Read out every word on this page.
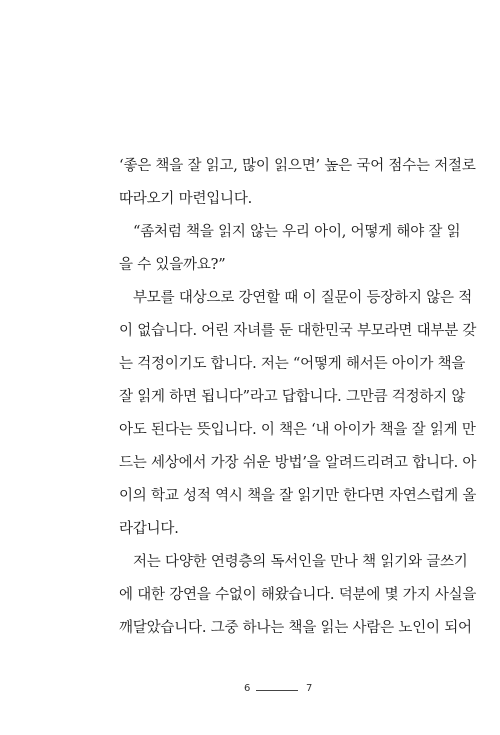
‘좋은 책을 잘 읽고, 많이 읽으면’ 높은 국어 점수는 저절로
따라오기 마련입니다.
“좀처럼 책을 읽지 않는 우리 아이, 어떻게 해야 잘 읽
을 수 있을까요?”
부모를 대상으로 강연할 때 이 질문이 등장하지 않은 적
이 없습니다. 어린 자녀를 둔 대한민국 부모라면 대부분 갖
는 걱정이기도 합니다. 저는 “어떻게 해서든 아이가 책을
잘 읽게 하면 됩니다”라고 답합니다. 그만큼 걱정하지 않
아도 된다는 뜻입니다. 이 책은 ‘내 아이가 책을 잘 읽게 만
드는 세상에서 가장 쉬운 방법’을 알려드리려고 합니다. 아
이의 학교 성적 역시 책을 잘 읽기만 한다면 자연스럽게 올
라갑니다.
저는 다양한 연령층의 독서인을 만나 책 읽기와 글쓰기
에 대한 강연을 수없이 해왔습니다. 덕분에 몇 가지 사실을
깨달았습니다. 그중 하나는 책을 읽는 사람은 노인이 되어
6	7
